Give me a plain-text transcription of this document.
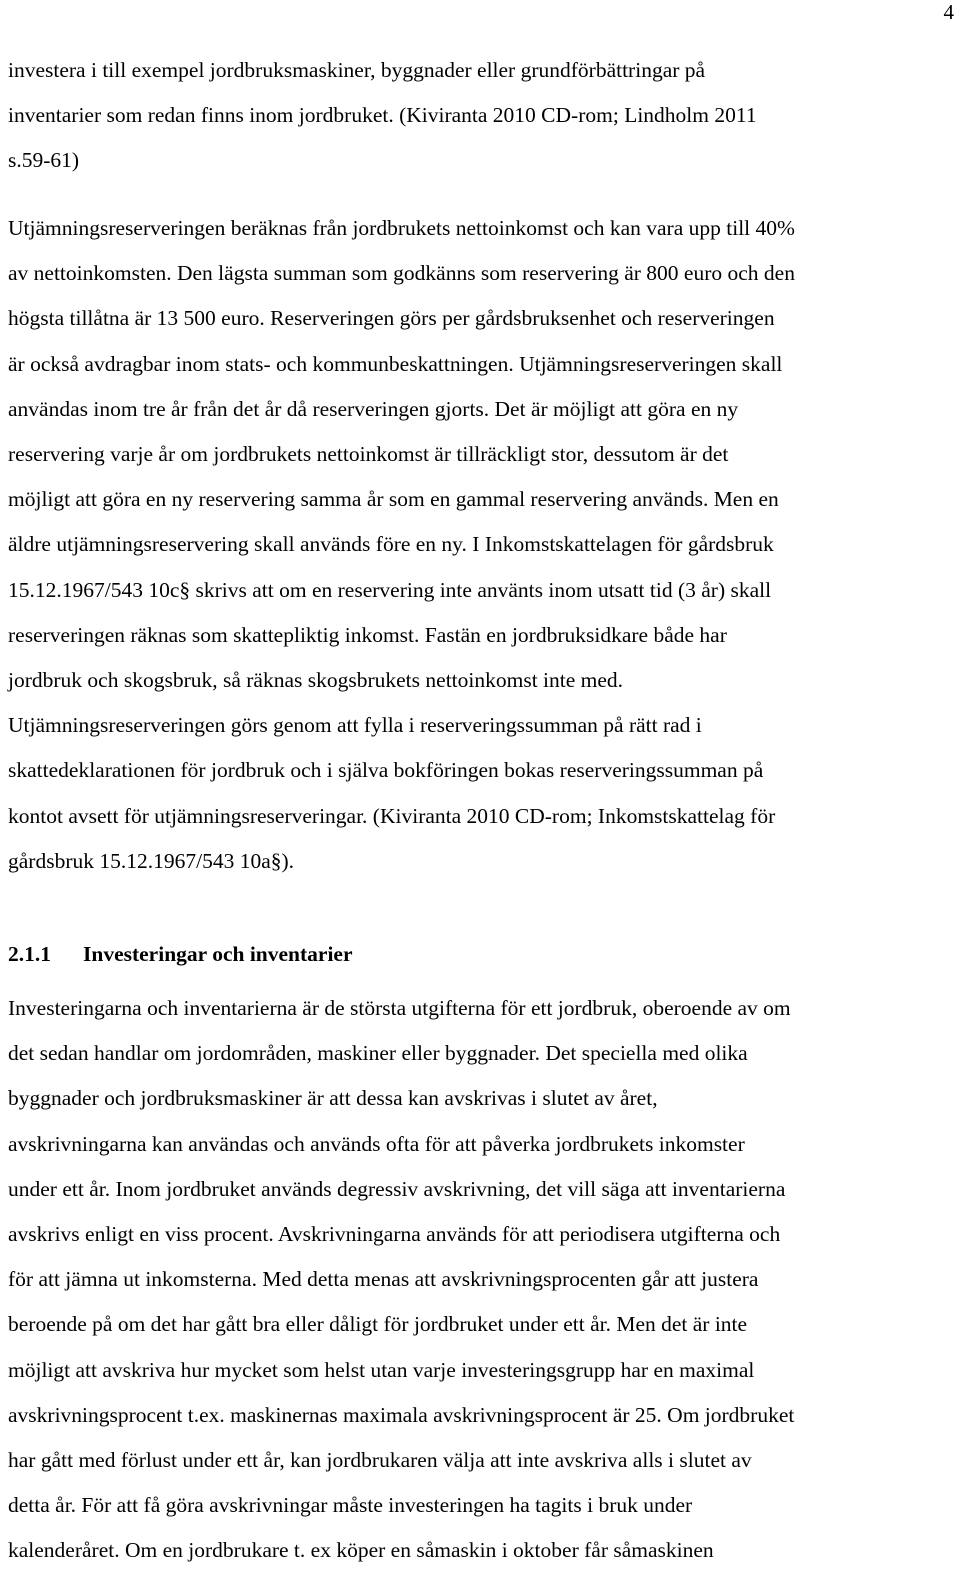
4

investera i till exempel jordbruksmaskiner, byggnader eller grundförbättringar på
inventarier som redan finns inom jordbruket. (Kiviranta 2010 CD-rom; Lindholm 2011
s.59-61)

Utjämningsreserveringen beräknas från jordbrukets nettoinkomst och kan vara upp till 40%
av nettoinkomsten. Den lägsta summan som godkänns som reservering är 800 euro och den
högsta tillåtna är 13 500 euro. Reserveringen görs per gårdsbruksenhet och reserveringen
är också avdragbar inom stats- och kommunbeskattningen. Utjämningsreserveringen skall
användas inom tre år från det år då reserveringen gjorts. Det är möjligt att göra en ny
reservering varje år om jordbrukets nettoinkomst är tillräckligt stor, dessutom är det
möjligt att göra en ny reservering samma år som en gammal reservering används. Men en
äldre utjämningsreservering skall används före en ny. I Inkomstskattelagen för gårdsbruk
15.12.1967/543 10c§ skrivs att om en reservering inte använts inom utsatt tid (3 år) skall
reserveringen räknas som skattepliktig inkomst. Fastän en jordbruksidkare både har
jordbruk och skogsbruk, så räknas skogsbrukets nettoinkomst inte med.
Utjämningsreserveringen görs genom att fylla i reserveringssumman på rätt rad i
skattedeklarationen för jordbruk och i själva bokföringen bokas reserveringssumman på
kontot avsett för utjämningsreserveringar. (Kiviranta 2010 CD-rom; Inkomstskattelag för
gårdsbruk 15.12.1967/543 10a§).

2.1.1 Investeringar och inventarier

Investeringarna och inventarierna är de största utgifterna för ett jordbruk, oberoende av om
det sedan handlar om jordområden, maskiner eller byggnader. Det speciella med olika
byggnader och jordbruksmaskiner är att dessa kan avskrivas i slutet av året,
avskrivningarna kan användas och används ofta för att påverka jordbrukets inkomster
under ett år. Inom jordbruket används degressiv avskrivning, det vill säga att inventarierna
avskrivs enligt en viss procent. Avskrivningarna används för att periodisera utgifterna och
för att jämna ut inkomsterna. Med detta menas att avskrivningsprocenten går att justera
beroende på om det har gått bra eller dåligt för jordbruket under ett år. Men det är inte
möjligt att avskriva hur mycket som helst utan varje investeringsgrupp har en maximal
avskrivningsprocent t.ex. maskinernas maximala avskrivningsprocent är 25. Om jordbruket
har gått med förlust under ett år, kan jordbrukaren välja att inte avskriva alls i slutet av
detta år. För att få göra avskrivningar måste investeringen ha tagits i bruk under
kalenderåret. Om en jordbrukare t. ex köper en såmaskin i oktober får såmaskinen
